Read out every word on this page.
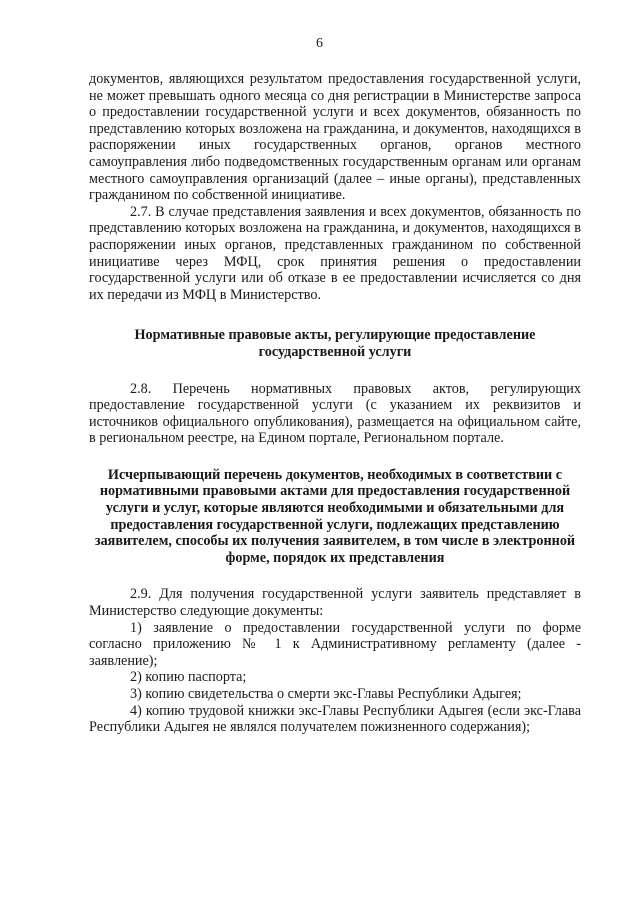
6

документов, являющихся результатом предоставления государственной услуги, не может превышать одного месяца со дня регистрации в Министерстве запроса о предоставлении государственной услуги и всех документов, обязанность по представлению которых возложена на гражданина, и документов, находящихся в распоряжении иных государственных органов, органов местного самоуправления либо подведомственных государственным органам или органам местного самоуправления организаций (далее – иные органы), представленных гражданином по собственной инициативе.

2.7. В случае представления заявления и всех документов, обязанность по представлению которых возложена на гражданина, и документов, находящихся в распоряжении иных органов, представленных гражданином по собственной инициативе через МФЦ, срок принятия решения о предоставлении государственной услуги или об отказе в ее предоставлении исчисляется со дня их передачи из МФЦ в Министерство.

Нормативные правовые акты, регулирующие предоставление государственной услуги

2.8. Перечень нормативных правовых актов, регулирующих предоставление государственной услуги (с указанием их реквизитов и источников официального опубликования), размещается на официальном сайте, в региональном реестре, на Едином портале, Региональном портале.

Исчерпывающий перечень документов, необходимых в соответствии с нормативными правовыми актами для предоставления государственной услуги и услуг, которые являются необходимыми и обязательными для предоставления государственной услуги, подлежащих представлению заявителем, способы их получения заявителем, в том числе в электронной форме, порядок их представления

2.9. Для получения государственной услуги заявитель представляет в Министерство следующие документы:

1) заявление о предоставлении государственной услуги по форме согласно приложению № 1 к Административному регламенту (далее - заявление);

2) копию паспорта;

3) копию свидетельства о смерти экс-Главы Республики Адыгея;

4) копию трудовой книжки экс-Главы Республики Адыгея (если экс-Глава Республики Адыгея не являлся получателем пожизненного содержания);
